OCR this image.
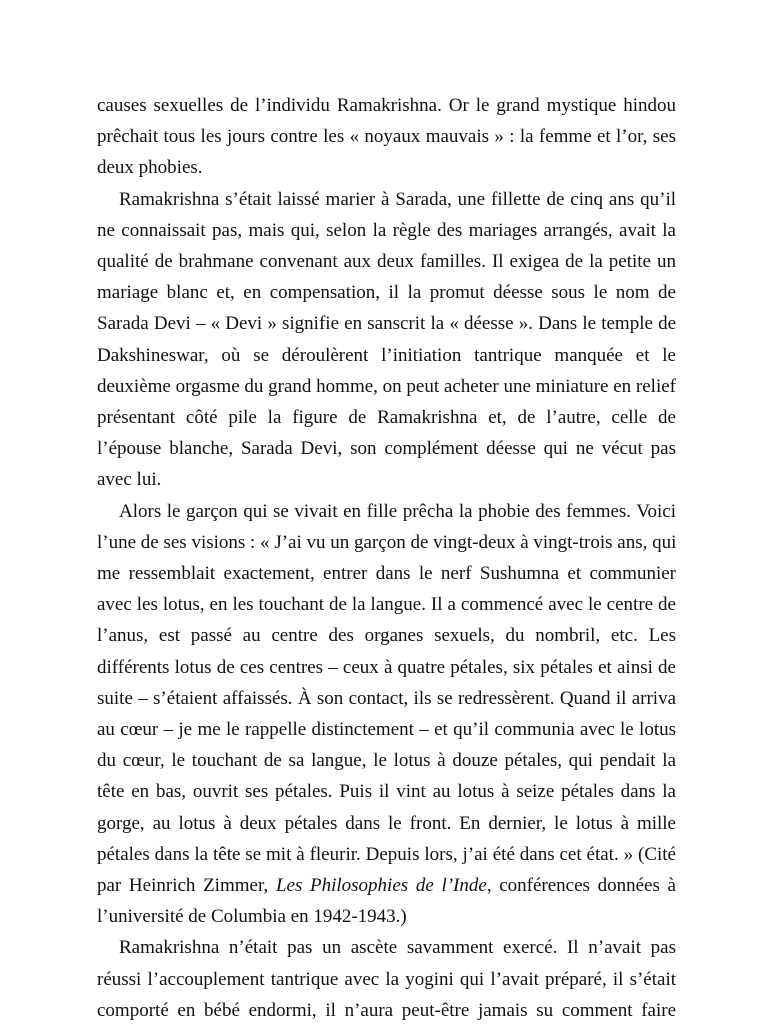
causes sexuelles de l’individu Ramakrishna. Or le grand mystique hindou
prêchait tous les jours contre les « noyaux mauvais » : la femme et l’or, ses
deux phobies.

Ramakrishna s’était laissé marier à Sarada, une fillette de cinq ans qu’il
ne connaissait pas, mais qui, selon la règle des mariages arrangés, avait la
qualité de brahmane convenant aux deux familles. Il exigea de la petite un
mariage blanc et, en compensation, il la promut déesse sous le nom de
Sarada Devi – « Devi » signifie en sanscrit la « déesse ». Dans le temple de
Dakshineswar, où se déroulèrent l’initiation tantrique manquée et le
deuxième orgasme du grand homme, on peut acheter une miniature en relief
présentant côté pile la figure de Ramakrishna et, de l’autre, celle de
l’épouse blanche, Sarada Devi, son complément déesse qui ne vécut pas
avec lui.

Alors le garçon qui se vivait en fille prêcha la phobie des femmes. Voici
l’une de ses visions : « J’ai vu un garçon de vingt-deux à vingt-trois ans, qui
me ressemblait exactement, entrer dans le nerf Sushumna et communier
avec les lotus, en les touchant de la langue. Il a commencé avec le centre de
l’anus, est passé au centre des organes sexuels, du nombril, etc. Les
différents lotus de ces centres – ceux à quatre pétales, six pétales et ainsi de
suite – s’étaient affaissés. À son contact, ils se redressèrent. Quand il arriva
au cœur – je me le rappelle distinctement – et qu’il communia avec le lotus
du cœur, le touchant de sa langue, le lotus à douze pétales, qui pendait la
tête en bas, ouvrit ses pétales. Puis il vint au lotus à seize pétales dans la
gorge, au lotus à deux pétales dans le front. En dernier, le lotus à mille
pétales dans la tête se mit à fleurir. Depuis lors, j’ai été dans cet état. » (Cité
par Heinrich Zimmer, Les Philosophies de l’Inde, conférences données à
l’université de Columbia en 1942-1943.)

Ramakrishna n’était pas un ascète savamment exercé. Il n’avait pas
réussi l’accouplement tantrique avec la yogini qui l’avait préparé, il s’était
comporté en bébé endormi, il n’aura peut-être jamais su comment faire
